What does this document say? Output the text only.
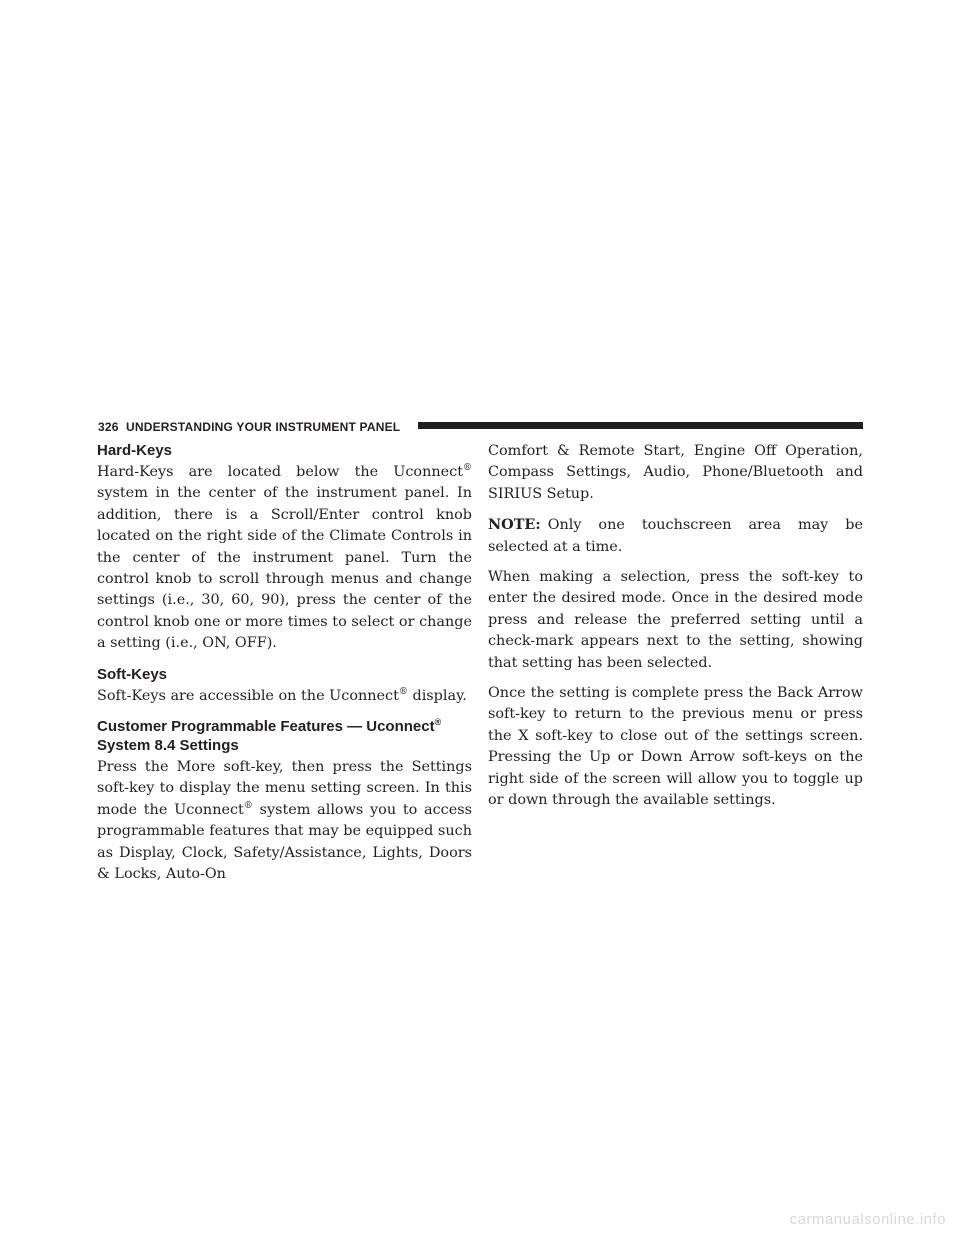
326 UNDERSTANDING YOUR INSTRUMENT PANEL
Hard-Keys

Hard-Keys are located below the Uconnect® system in the center of the instrument panel. In addition, there is a Scroll/Enter control knob located on the right side of the Climate Controls in the center of the instrument panel. Turn the control knob to scroll through menus and change settings (i.e., 30, 60, 90), press the center of the control knob one or more times to select or change a setting (i.e., ON, OFF).

Soft-Keys

Soft-Keys are accessible on the Uconnect® display.

Customer Programmable Features — Uconnect®
System 8.4 Settings

Press the More soft-key, then press the Settings soft-key to display the menu setting screen. In this mode the Uconnect® system allows you to access programmable features that may be equipped such as Display, Clock, Safety/Assistance, Lights, Doors & Locks, Auto-On

Comfort & Remote Start, Engine Off Operation, Compass Settings, Audio, Phone/Bluetooth and SIRIUS Setup.

NOTE: Only one touchscreen area may be selected at a time.

When making a selection, press the soft-key to enter the desired mode. Once in the desired mode press and release the preferred setting until a check-mark appears next to the setting, showing that setting has been selected.

Once the setting is complete press the Back Arrow soft-key to return to the previous menu or press the X soft-key to close out of the settings screen. Pressing the Up or Down Arrow soft-keys on the right side of the screen will allow you to toggle up or down through the available settings.

carmanualsonline.info
